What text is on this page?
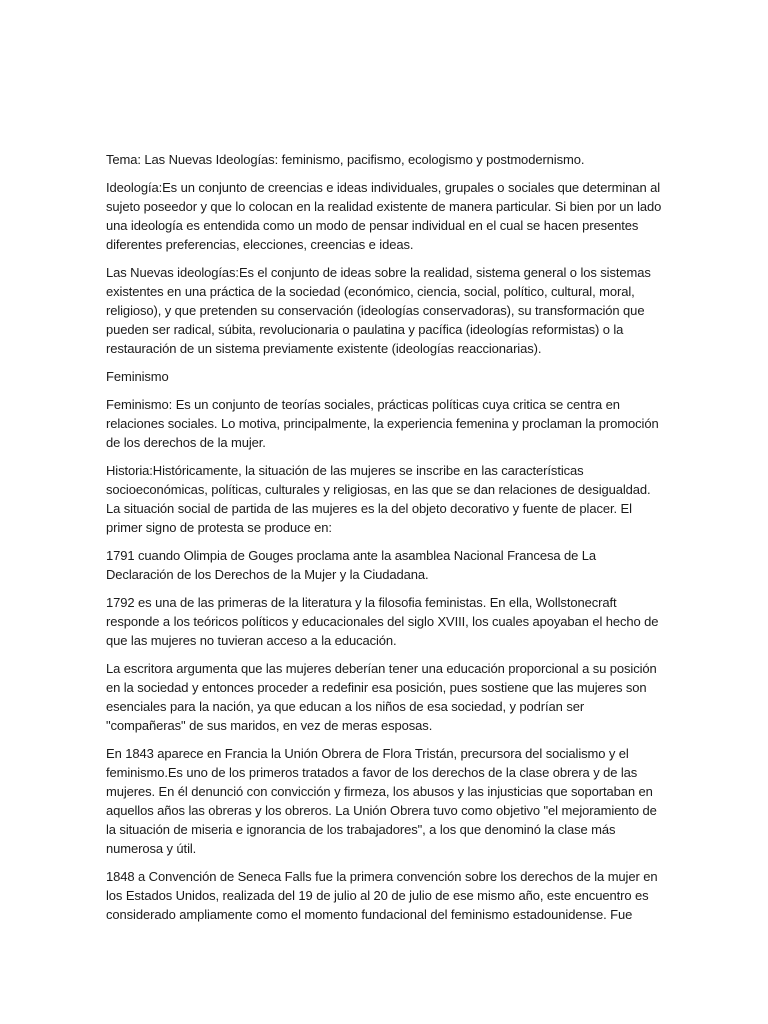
Tema: Las Nuevas Ideologías: feminismo, pacifismo, ecologismo y postmodernismo.

Ideología:Es un conjunto de creencias e ideas individuales, grupales o sociales que determinan al sujeto poseedor y que lo colocan en la realidad existente de manera particular. Si bien por un lado una ideología es entendida como un modo de pensar individual en el cual se hacen presentes diferentes preferencias, elecciones, creencias e ideas.

Las Nuevas ideologías:Es el conjunto de ideas sobre la realidad, sistema general o los sistemas existentes en una práctica de la sociedad (económico, ciencia, social, político, cultural, moral, religioso), y que pretenden su conservación (ideologías conservadoras), su transformación que pueden ser radical, súbita, revolucionaria o paulatina y pacífica (ideologías reformistas) o la restauración de un sistema previamente existente (ideologías reaccionarias).

Feminismo

Feminismo: Es un conjunto de teorías sociales, prácticas políticas cuya critica se centra en relaciones sociales. Lo motiva, principalmente, la experiencia femenina y proclaman la promoción de los derechos de la mujer.

Historia:Históricamente, la situación de las mujeres se inscribe en las características socioeconómicas, políticas, culturales y religiosas, en las que se dan relaciones de desigualdad. La situación social de partida de las mujeres es la del objeto decorativo y fuente de placer. El primer signo de protesta se produce en:

1791 cuando Olimpia de Gouges proclama ante la asamblea Nacional Francesa de La Declaración de los Derechos de la Mujer y la Ciudadana.

1792 es una de las primeras de la literatura y la filosofia feministas. En ella, Wollstonecraft responde a los teóricos políticos y educacionales del siglo XVIII, los cuales apoyaban el hecho de que las mujeres no tuvieran acceso a la educación.

La escritora argumenta que las mujeres deberían tener una educación proporcional a su posición en la sociedad y entonces proceder a redefinir esa posición, pues sostiene que las mujeres son esenciales para la nación, ya que educan a los niños de esa sociedad, y podrían ser "compañeras" de sus maridos, en vez de meras esposas.

En 1843 aparece en Francia la Unión Obrera de Flora Tristán, precursora del socialismo y el feminismo.Es uno de los primeros tratados a favor de los derechos de la clase obrera y de las mujeres. En él denunció con convicción y firmeza, los abusos y las injusticias que soportaban en aquellos años las obreras y los obreros. La Unión Obrera tuvo como objetivo "el mejoramiento de la situación de miseria e ignorancia de los trabajadores", a los que denominó la clase más numerosa y útil.

1848 a Convención de Seneca Falls fue la primera convención sobre los derechos de la mujer en los Estados Unidos, realizada del 19 de julio al 20 de julio de ese mismo año, este encuentro es considerado ampliamente como el momento fundacional del feminismo estadounidense. Fue
